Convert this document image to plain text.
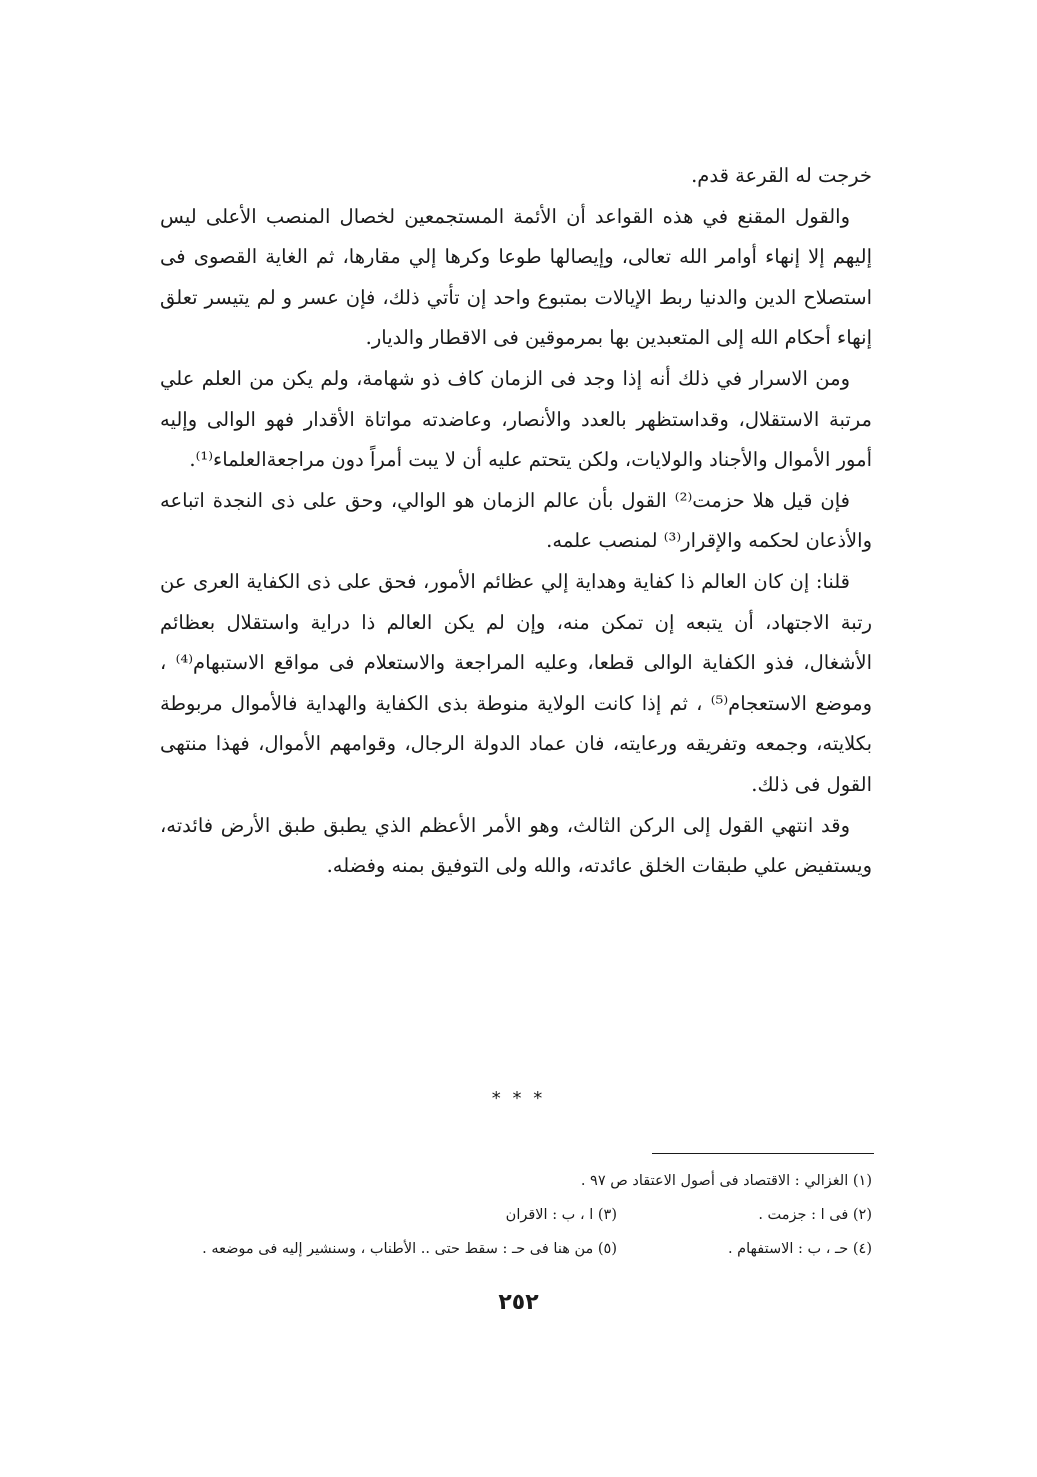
خرجت له القرعة قدم.

والقول المقنع في هذه القواعد أن الأئمة المستجمعين لخصال المنصب الأعلى ليس إليهم إلا إنهاء أوامر الله تعالى، وإيصالها طوعا وكرها إلي مقارها، ثم الغاية القصوى فى استصلاح الدين والدنيا ربط الإيالات بمتبوع واحد إن تأتي ذلك، فإن عسر و لم يتيسر تعلق إنهاء أحكام الله إلى المتعبدين بها بمرموقين فى الاقطار والديار.

ومن الاسرار في ذلك أنه إذا وجد فى الزمان كاف ذو شهامة، ولم يكن من العلم علي مرتبة الاستقلال، وقداستظهر بالعدد والأنصار، وعاضدته مواتاة الأقدار فهو الوالى وإليه أمور الأموال والأجناد والولايات، ولكن يتحتم عليه أن لا يبت أمراً دون مراجعةالعلماء⁽¹⁾.

فإن قيل هلا حزمت⁽²⁾ القول بأن عالم الزمان هو الوالي، وحق على ذى النجدة اتباعه والأذعان لحكمه والإقرار⁽³⁾ لمنصب علمه.

قلنا: إن كان العالم ذا كفاية وهداية إلي عظائم الأمور، فحق على ذى الكفاية العرى عن رتبة الاجتهاد، أن يتبعه إن تمكن منه، وإن لم يكن العالم ذا دراية واستقلال بعظائم الأشغال، فذو الكفاية الوالى قطعا، وعليه المراجعة والاستعلام فى مواقع الاستبهام⁽⁴⁾ ، وموضع الاستعجام⁽⁵⁾ ، ثم إذا كانت الولاية منوطة بذى الكفاية والهداية فالأموال مربوطة بكلايته، وجمعه وتفريقه ورعايته، فان عماد الدولة الرجال، وقوامهم الأموال، فهذا منتهى القول فى ذلك.

وقد انتهي القول إلى الركن الثالث، وهو الأمر الأعظم الذي يطبق طبق الأرض فائدته، ويستفيض علي طبقات الخلق عائدته، والله ولى التوفيق بمنه وفضله.

* * *
(١) الغزالي : الاقتصاد فى أصول الاعتقاد ص ٩٧ .
(٢) فى ا : جزمت .
(٣) ا ، ب : الاقران
(٤) حـ ، ب : الاستفهام .
(٥) من هنا فى حـ : سقط حتى .. الأطناب ، وسنشير إليه فى موضعه .
٢٥٢
